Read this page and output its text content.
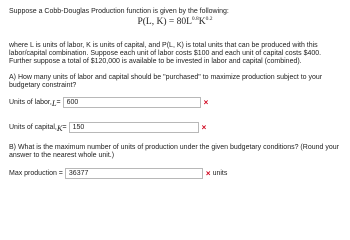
Suppose a Cobb-Douglas Production function is given by the following:
P(L, $K) = 80L^{0.8}K^{0.2}$
where L is units of labor, K is units of capital, and P(L, K) is total units that can be produced with this
labor/capital combination. Suppose each unit of labor costs $100 and each unit of capital costs $400.
Further suppose a total of $120,000 is available to be invested in labor and capital (combined).
A) How many units of labor and capital should be "purchased" to maximize production subject to your
budgetary constraint?
Units of labor, L = 600	×
Units of capital, K = 150	×
B) What is the maximum number of units of production under the given budgetary conditions? (Round your
answer to the nearest whole unit.)
Max production = 36377	× units
